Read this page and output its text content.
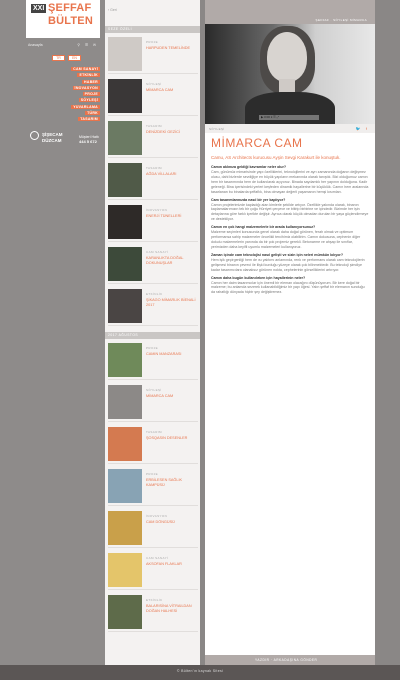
XXI ŞEFFAF
BÜLTEN
Anasayfa	⚲ ☰ ✉
TR	EN
CAM SANAYİ
ETKİNLİK
HABER
İNOVASYON
PROJE
SÖYLEŞİ
YUVARLAMA
TÜRK
TASARIM
ŞİŞECAM
DÜZCAM
Müşteri Hattı
444 5 672
‹ Geri
SEZE ÖZELİ
PROJE
HARPUDEN TEMELİNDE
SÖYLEŞİ
MİMARCA CAM
TASARIM
DENİZDEKİ GEZİCİ
TASARIM
AĞDA VİLLALARI
İNOVASYON
ENERJİ TÜNELLERİ
CAM SANAYİ
KARANLIKTA DOĞAL DOKUNUŞLAR
ETKİNLİK
ŞİKAGO MİMARLIK BİENALİ 2017
2017 AĞUSTOS
PROJE
CAMIN MANZARASI
SÖYLEŞİ
MİMARCA CAM
TASARIM
ŞOSQASIN DESENLER
PROJE
ERBİLESEN SAĞLIK KAMPÜSÜ
İNOVASYON
CAM DÖNGÜSÜ
CAM SANAYİ
AKSOFAN FLAKLAR
ETKİNLİK
BALARISİNA VİTRAILDAN DOĞAN HALHESİ
ŞEFFAF · SÖYLEŞİ MİMARCA
▶ 0:00 ⏸ ☰ ⤢
SÖYLEŞİ	🐦 f
MİMARCA CAM

Camu, AS Architects kurucusu Ayşin Sevgi Karakurt ile konuştuk.

Camın aklınıza geldiği kavramlar neler olur?

Cam, günümüz mimarisinde yapı özelliklerini, teknolojilerini ve ayrı zamanında doğanın değişmez olusu, dahi bizlerde sevdiğiye en büyük yapıların mekanında olarak tanıştık. Bizi olduğumuz camın hem bir tasarımında hem de kullanılarak açıyoruz. Binada saydamlık her yapının dolduğuna. Kadir geleneği. Bina içerisindeki yerleri keşfeden dinamik hayallerine bir küçüklük. Camın hem aralarında tasarlanan bu binalarda şeffaflık, bina olmayan değerli yaşamanın hemşi kısımları.

Cam tasarımlarınızda nasıl bir yer kaplıyor?

Camın projelerimizde kapladığı alan kimlerle şekilde artıyor. Özellikle yakında olarak, binanın kaplamalarımızın tek bir çoğu Hürriyet çerçeve ve bitirip birbirine ve içindedir. Bizimde her işin detaylarına göre farklı içerikte değişir. Ayrıca olarak küçük olmadan durulan bir yaşa güçlendirmeye ve destekliyor.

Camın en çok hangi malzemelerle bir arada kullanıyorsunuz?

Malzeme seçimleri konusunda genel olarak daha doğal görünen, ferah olmak ve optimum performansa sahip malzemeler öncelikli tercihimiz olabilirim. Camın dokusuna, cephenin diğer dokulu malzemelerin yanında da bir çok projemiz gerekli. Betonarme ve ahşap ile sınıflar, yerimizden daha keyifli uyumlu malzemeleri kullanıyoruz.

Zaman içinde cam teknolojisi nasıl gelişti ve sizin için neleri mümkün kılıyor?

Hem işik geçirgenliği hem de ısı yalıtımı anlamında, renk ve performans olarak cam teknolojilerin gelişmesi binanın çevreci ile ilişki kurduğu yüzeye olarak çok bilinmektedir. Bu teknoloji şimdiye kadar tasarımcılara olanaksız görünen nokta, cephelerinin görselliklerini artırıyor.

Camın daha bugün kullanılırken için hayallerinin neler?

Camın her daim tasarımcılar için önemli bir eleman olacağını düşünüyorum. Bir kere doğal bir malzeme; bu anlamda sezerek kullanabildiğimiz bir yapı öğesi. Yalın şeffaf bir elemanın sunduğu da rahatlığı dünyada hiçbir şey değiştiremez.

YAZDIR · ARKADAŞINA GÖNDER
© Bülten'ın kaynak Sitesi
